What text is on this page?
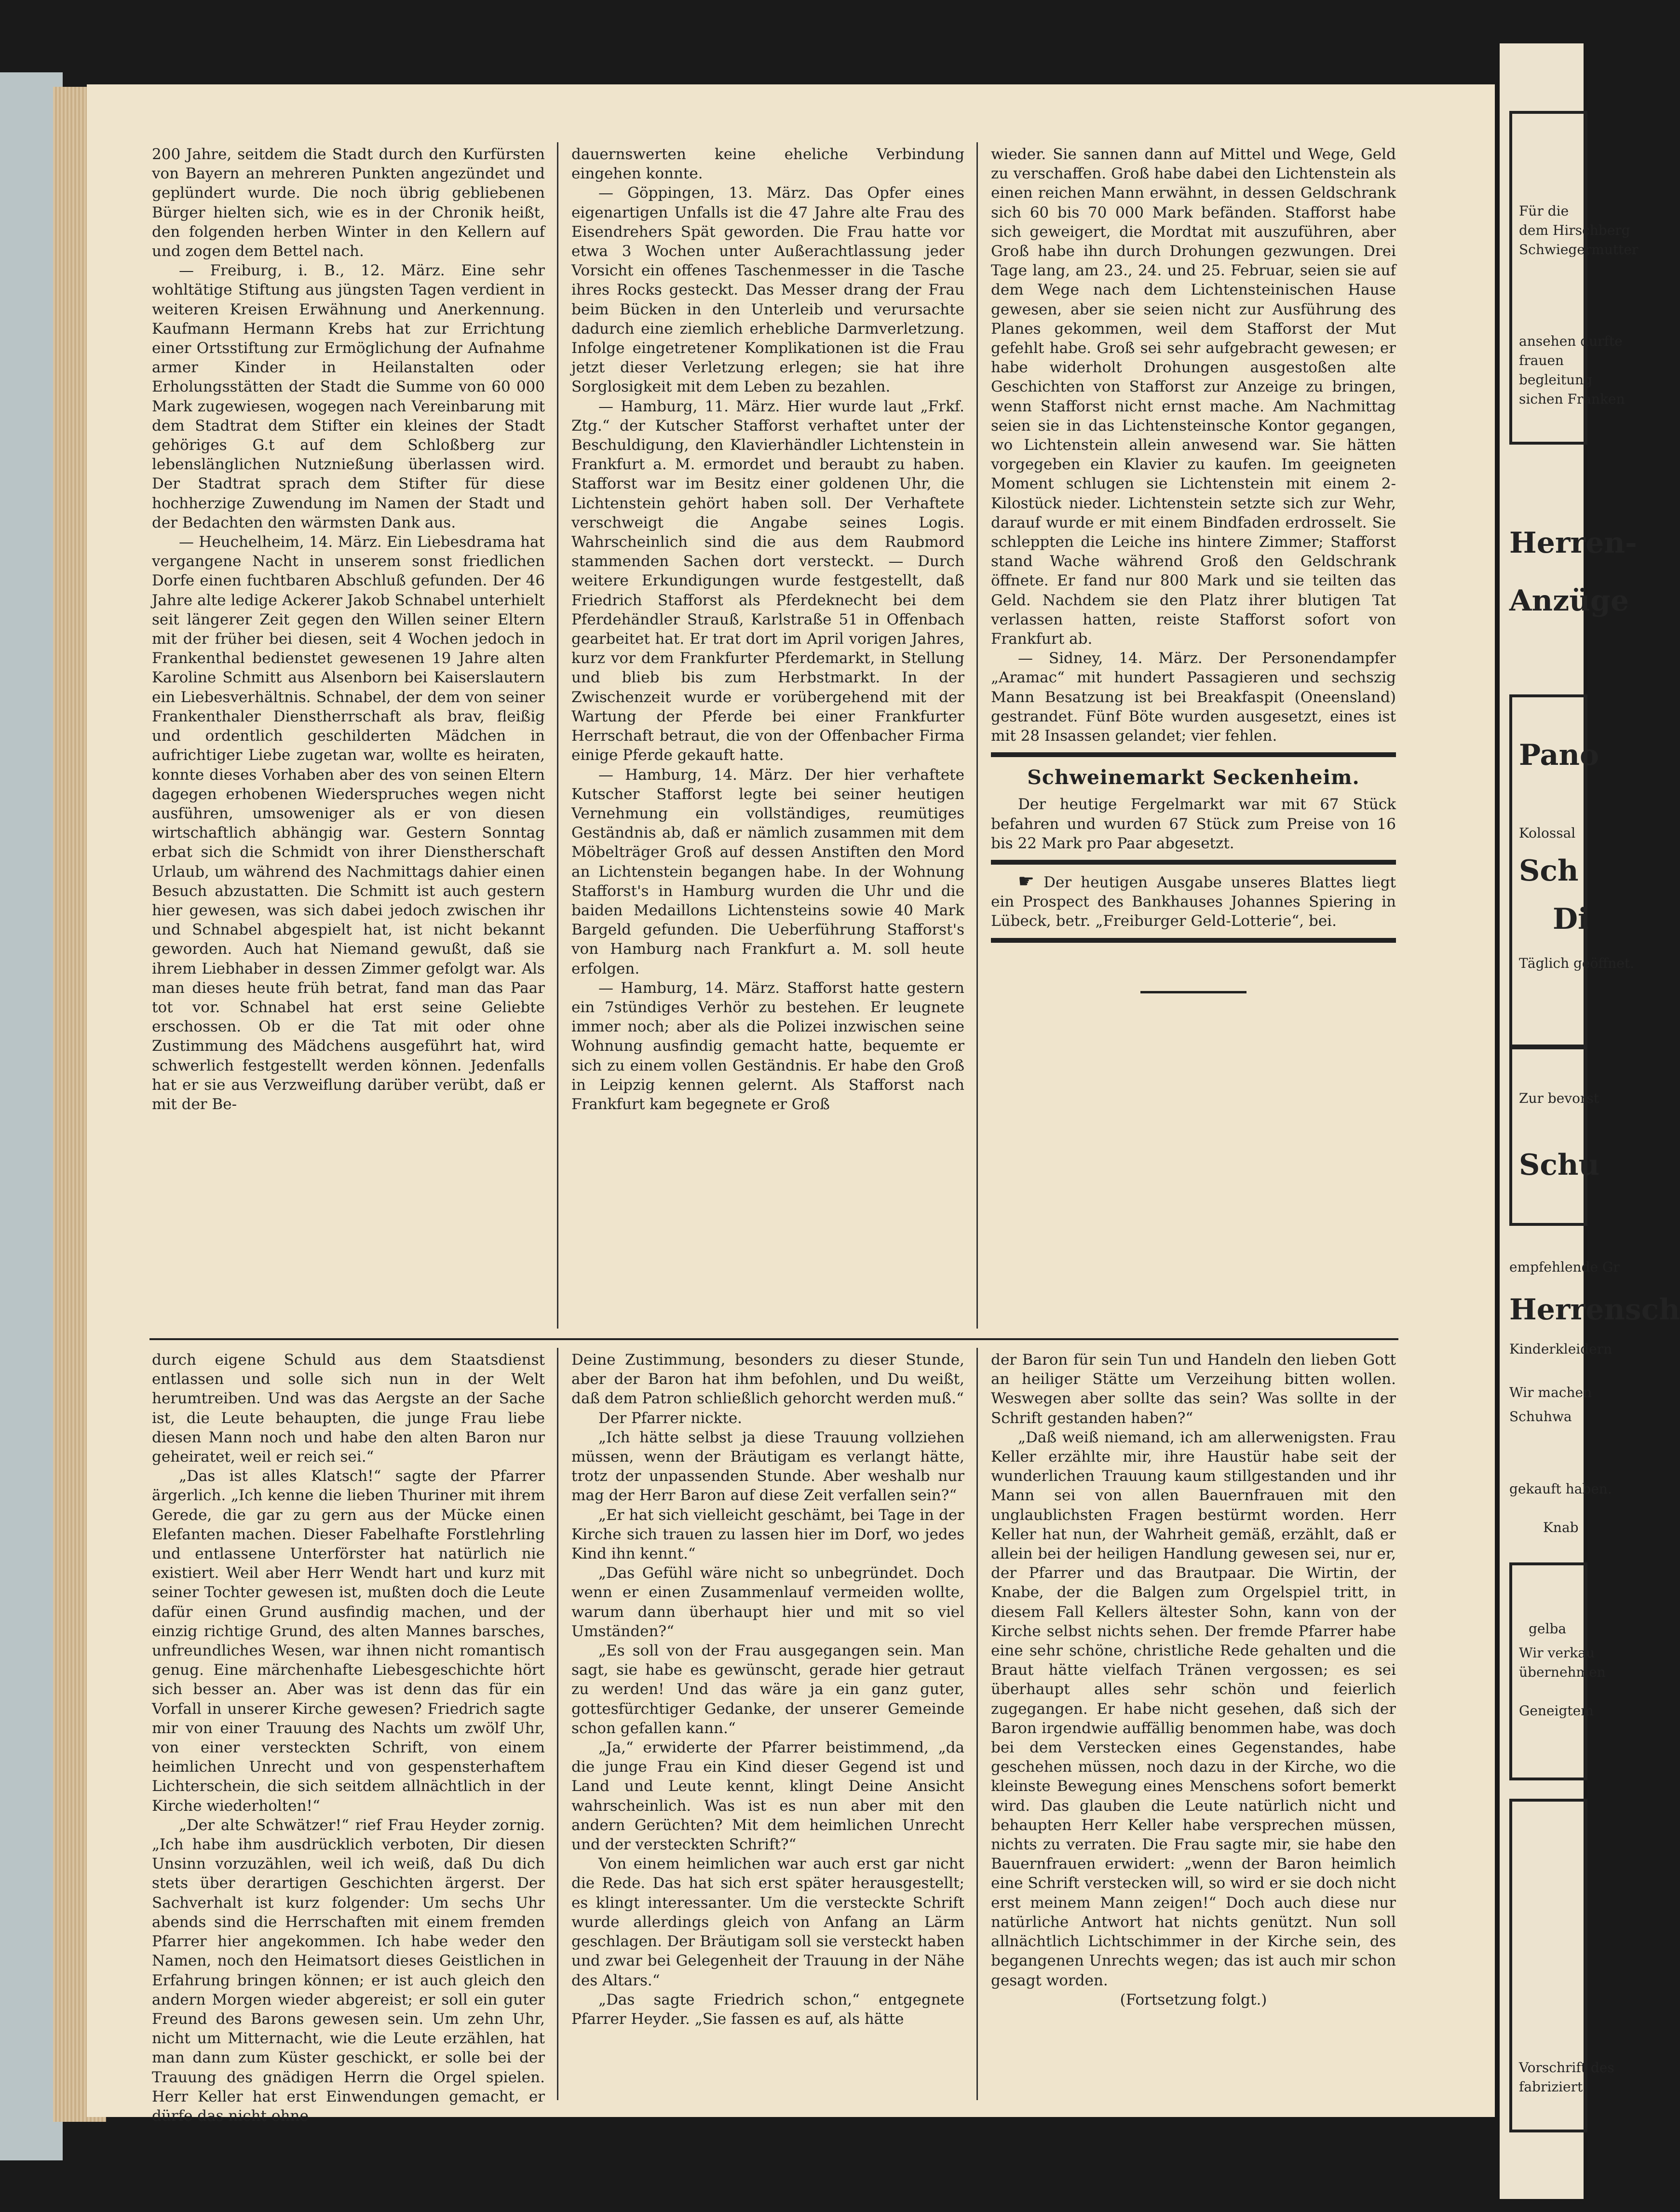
200 Jahre, seitdem die Stadt durch den Kurfürsten von Bayern an mehreren Punkten angezündet und geplündert wurde. Die noch übrig gebliebenen Bürger hielten sich, wie es in der Chronik heißt, den folgenden herben Winter in den Kellern auf und zogen dem Bettel nach.

— Freiburg, i. B., 12. März. Eine sehr wohltätige Stiftung aus jüngsten Tagen verdient in weiteren Kreisen Erwähnung und Anerkennung. Kaufmann Hermann Krebs hat zur Errichtung einer Ortsstiftung zur Ermöglichung der Aufnahme armer Kinder in Heilanstalten oder Erholungsstätten der Stadt die Summe von 60 000 Mark zugewiesen, wogegen nach Vereinbarung mit dem Stadtrat dem Stifter ein kleines der Stadt gehöriges G.t auf dem Schloßberg zur lebenslänglichen Nutznießung überlassen wird. Der Stadtrat sprach dem Stifter für diese hochherzige Zuwendung im Namen der Stadt und der Bedachten den wärmsten Dank aus.

— Heuchelheim, 14. März. Ein Liebesdrama hat vergangene Nacht in unserem sonst friedlichen Dorfe einen fuchtbaren Abschluß gefunden. Der 46 Jahre alte ledige Ackerer Jakob Schnabel unterhielt seit längerer Zeit gegen den Willen seiner Eltern mit der früher bei diesen, seit 4 Wochen jedoch in Frankenthal bedienstet gewesenen 19 Jahre alten Karoline Schmitt aus Alsenborn bei Kaiserslautern ein Liebesverhältnis. Schnabel, der dem von seiner Frankenthaler Dienstherrschaft als brav, fleißig und ordentlich geschilderten Mädchen in aufrichtiger Liebe zugetan war, wollte es heiraten, konnte dieses Vorhaben aber des von seinen Eltern dagegen erhobenen Wiederspruches wegen nicht ausführen, umsoweniger als er von diesen wirtschaftlich abhängig war. Gestern Sonntag erbat sich die Schmidt von ihrer Dienstherschaft Urlaub, um während des Nachmittags dahier einen Besuch abzustatten. Die Schmitt ist auch gestern hier gewesen, was sich dabei jedoch zwischen ihr und Schnabel abgespielt hat, ist nicht bekannt geworden. Auch hat Niemand gewußt, daß sie ihrem Liebhaber in dessen Zimmer gefolgt war. Als man dieses heute früh betrat, fand man das Paar tot vor. Schnabel hat erst seine Geliebte erschossen. Ob er die Tat mit oder ohne Zustimmung des Mädchens ausgeführt hat, wird schwerlich festgestellt werden können. Jedenfalls hat er sie aus Verzweiflung darüber verübt, daß er mit der Be-

dauernswerten keine eheliche Verbindung eingehen konnte.

— Göppingen, 13. März. Das Opfer eines eigenartigen Unfalls ist die 47 Jahre alte Frau des Eisendrehers Spät geworden. Die Frau hatte vor etwa 3 Wochen unter Außerachtlassung jeder Vorsicht ein offenes Taschenmesser in die Tasche ihres Rocks gesteckt. Das Messer drang der Frau beim Bücken in den Unterleib und verursachte dadurch eine ziemlich erhebliche Darmverletzung. Infolge eingetretener Komplikationen ist die Frau jetzt dieser Verletzung erlegen; sie hat ihre Sorglosigkeit mit dem Leben zu bezahlen.

— Hamburg, 11. März. Hier wurde laut „Frkf. Ztg.“ der Kutscher Stafforst verhaftet unter der Beschuldigung, den Klavierhändler Lichtenstein in Frankfurt a. M. ermordet und beraubt zu haben. Stafforst war im Besitz einer goldenen Uhr, die Lichtenstein gehört haben soll. Der Verhaftete verschweigt die Angabe seines Logis. Wahrscheinlich sind die aus dem Raubmord stammenden Sachen dort versteckt. — Durch weitere Erkundigungen wurde festgestellt, daß Friedrich Stafforst als Pferdeknecht bei dem Pferdehändler Strauß, Karlstraße 51 in Offenbach gearbeitet hat. Er trat dort im April vorigen Jahres, kurz vor dem Frankfurter Pferdemarkt, in Stellung und blieb bis zum Herbstmarkt. In der Zwischenzeit wurde er vorübergehend mit der Wartung der Pferde bei einer Frankfurter Herrschaft betraut, die von der Offenbacher Firma einige Pferde gekauft hatte.

— Hamburg, 14. März. Der hier verhaftete Kutscher Stafforst legte bei seiner heutigen Vernehmung ein vollständiges, reumütiges Geständnis ab, daß er nämlich zusammen mit dem Möbelträger Groß auf dessen Anstiften den Mord an Lichtenstein begangen habe. In der Wohnung Stafforst's in Hamburg wurden die Uhr und die baiden Medaillons Lichtensteins sowie 40 Mark Bargeld gefunden. Die Ueberführung Stafforst's von Hamburg nach Frankfurt a. M. soll heute erfolgen.

— Hamburg, 14. März. Stafforst hatte gestern ein 7stündiges Verhör zu bestehen. Er leugnete immer noch; aber als die Polizei inzwischen seine Wohnung ausfindig gemacht hatte, bequemte er sich zu einem vollen Geständnis. Er habe den Groß in Leipzig kennen gelernt. Als Stafforst nach Frankfurt kam begegnete er Groß

wieder. Sie sannen dann auf Mittel und Wege, Geld zu verschaffen. Groß habe dabei den Lichtenstein als einen reichen Mann erwähnt, in dessen Geldschrank sich 60 bis 70 000 Mark befänden. Stafforst habe sich geweigert, die Mordtat mit auszuführen, aber Groß habe ihn durch Drohungen gezwungen. Drei Tage lang, am 23., 24. und 25. Februar, seien sie auf dem Wege nach dem Lichtensteinischen Hause gewesen, aber sie seien nicht zur Ausführung des Planes gekommen, weil dem Stafforst der Mut gefehlt habe. Groß sei sehr aufgebracht gewesen; er habe widerholt Drohungen ausgestoßen alte Geschichten von Stafforst zur Anzeige zu bringen, wenn Stafforst nicht ernst mache. Am Nachmittag seien sie in das Lichtensteinsche Kontor gegangen, wo Lichtenstein allein anwesend war. Sie hätten vorgegeben ein Klavier zu kaufen. Im geeigneten Moment schlugen sie Lichtenstein mit einem 2-Kilostück nieder. Lichtenstein setzte sich zur Wehr, darauf wurde er mit einem Bindfaden erdrosselt. Sie schleppten die Leiche ins hintere Zimmer; Stafforst stand Wache während Groß den Geldschrank öffnete. Er fand nur 800 Mark und sie teilten das Geld. Nachdem sie den Platz ihrer blutigen Tat verlassen hatten, reiste Stafforst sofort von Frankfurt ab.

— Sidney, 14. März. Der Personendampfer „Aramac“ mit hundert Passagieren und sechszig Mann Besatzung ist bei Breakfaspit (Oneensland) gestrandet. Fünf Böte wurden ausgesetzt, eines ist mit 28 Insassen gelandet; vier fehlen.

Schweinemarkt Seckenheim.

Der heutige Fergelmarkt war mit 67 Stück befahren und wurden 67 Stück zum Preise von 16 bis 22 Mark pro Paar abgesetzt.

☛ Der heutigen Ausgabe unseres Blattes liegt ein Prospect des Bankhauses Johannes Spiering in Lübeck, betr. „Freiburger Geld-Lotterie“, bei.

durch eigene Schuld aus dem Staatsdienst entlassen und solle sich nun in der Welt herumtreiben. Und was das Aergste an der Sache ist, die Leute behaupten, die junge Frau liebe diesen Mann noch und habe den alten Baron nur geheiratet, weil er reich sei.“

„Das ist alles Klatsch!“ sagte der Pfarrer ärgerlich. „Ich kenne die lieben Thuriner mit ihrem Gerede, die gar zu gern aus der Mücke einen Elefanten machen. Dieser Fabelhafte Forstlehrling und entlassene Unterförster hat natürlich nie existiert. Weil aber Herr Wendt hart und kurz mit seiner Tochter gewesen ist, mußten doch die Leute dafür einen Grund ausfindig machen, und der einzig richtige Grund, des alten Mannes barsches, unfreundliches Wesen, war ihnen nicht romantisch genug. Eine märchenhafte Liebesgeschichte hört sich besser an. Aber was ist denn das für ein Vorfall in unserer Kirche gewesen? Friedrich sagte mir von einer Trauung des Nachts um zwölf Uhr, von einer versteckten Schrift, von einem heimlichen Unrecht und von gespensterhaftem Lichterschein, die sich seitdem allnächtlich in der Kirche wiederholten!“

„Der alte Schwätzer!“ rief Frau Heyder zornig. „Ich habe ihm ausdrücklich verboten, Dir diesen Unsinn vorzuzählen, weil ich weiß, daß Du dich stets über derartigen Geschichten ärgerst. Der Sachverhalt ist kurz folgender: Um sechs Uhr abends sind die Herrschaften mit einem fremden Pfarrer hier angekommen. Ich habe weder den Namen, noch den Heimatsort dieses Geistlichen in Erfahrung bringen können; er ist auch gleich den andern Morgen wieder abgereist; er soll ein guter Freund des Barons gewesen sein. Um zehn Uhr, nicht um Mitternacht, wie die Leute erzählen, hat man dann zum Küster geschickt, er solle bei der Trauung des gnädigen Herrn die Orgel spielen. Herr Keller hat erst Einwendungen gemacht, er dürfe das nicht ohne

Deine Zustimmung, besonders zu dieser Stunde, aber der Baron hat ihm befohlen, und Du weißt, daß dem Patron schließlich gehorcht werden muß.“

Der Pfarrer nickte.

„Ich hätte selbst ja diese Trauung vollziehen müssen, wenn der Bräutigam es verlangt hätte, trotz der unpassenden Stunde. Aber weshalb nur mag der Herr Baron auf diese Zeit verfallen sein?“

„Er hat sich vielleicht geschämt, bei Tage in der Kirche sich trauen zu lassen hier im Dorf, wo jedes Kind ihn kennt.“

„Das Gefühl wäre nicht so unbegründet. Doch wenn er einen Zusammenlauf vermeiden wollte, warum dann überhaupt hier und mit so viel Umständen?“

„Es soll von der Frau ausgegangen sein. Man sagt, sie habe es gewünscht, gerade hier getraut zu werden! Und das wäre ja ein ganz guter, gottesfürchtiger Gedanke, der unserer Gemeinde schon gefallen kann.“

„Ja,“ erwiderte der Pfarrer beistimmend, „da die junge Frau ein Kind dieser Gegend ist und Land und Leute kennt, klingt Deine Ansicht wahrscheinlich. Was ist es nun aber mit den andern Gerüchten? Mit dem heimlichen Unrecht und der versteckten Schrift?“

Von einem heimlichen war auch erst gar nicht die Rede. Das hat sich erst später herausgestellt; es klingt interessanter. Um die versteckte Schrift wurde allerdings gleich von Anfang an Lärm geschlagen. Der Bräutigam soll sie versteckt haben und zwar bei Gelegenheit der Trauung in der Nähe des Altars.“

„Das sagte Friedrich schon,“ entgegnete Pfarrer Heyder. „Sie fassen es auf, als hätte

der Baron für sein Tun und Handeln den lieben Gott an heiliger Stätte um Verzeihung bitten wollen. Weswegen aber sollte das sein? Was sollte in der Schrift gestanden haben?“

„Daß weiß niemand, ich am allerwenigsten. Frau Keller erzählte mir, ihre Haustür habe seit der wunderlichen Trauung kaum stillgestanden und ihr Mann sei von allen Bauernfrauen mit den unglaublichsten Fragen bestürmt worden. Herr Keller hat nun, der Wahrheit gemäß, erzählt, daß er allein bei der heiligen Handlung gewesen sei, nur er, der Pfarrer und das Brautpaar. Die Wirtin, der Knabe, der die Balgen zum Orgelspiel tritt, in diesem Fall Kellers ältester Sohn, kann von der Kirche selbst nichts sehen. Der fremde Pfarrer habe eine sehr schöne, christliche Rede gehalten und die Braut hätte vielfach Tränen vergossen; es sei überhaupt alles sehr schön und feierlich zugegangen. Er habe nicht gesehen, daß sich der Baron irgendwie auffällig benommen habe, was doch bei dem Verstecken eines Gegenstandes, habe geschehen müssen, noch dazu in der Kirche, wo die kleinste Bewegung eines Menschens sofort bemerkt wird. Das glauben die Leute natürlich nicht und behaupten Herr Keller habe versprechen müssen, nichts zu verraten. Die Frau sagte mir, sie habe den Bauernfrauen erwidert: „wenn der Baron heimlich eine Schrift verstecken will, so wird er sie doch nicht erst meinem Mann zeigen!“ Doch auch diese nur natürliche Antwort hat nichts genützt. Nun soll allnächtlich Lichtschimmer in der Kirche sein, des begangenen Unrechts wegen; das ist auch mir schon gesagt worden.

(Fortsetzung folgt.)

Für die
dem Hirschberg
Schwiegermutter
ansehen durfte
frauen
begleitung
sichen Franken
Herren-
Anzüge
Pano
Kolossal
Sch
Di
Täglich geöffnet.
Zur bevorst
Schu
empfehlende Gr
Herrensch
Kinderkleidern
Wir machen
Schuhwa
gekauft haben.
Knab
gelba
Wir verkau
übernehmen
Geneigtem
Vorschrift des
fabriziert.
